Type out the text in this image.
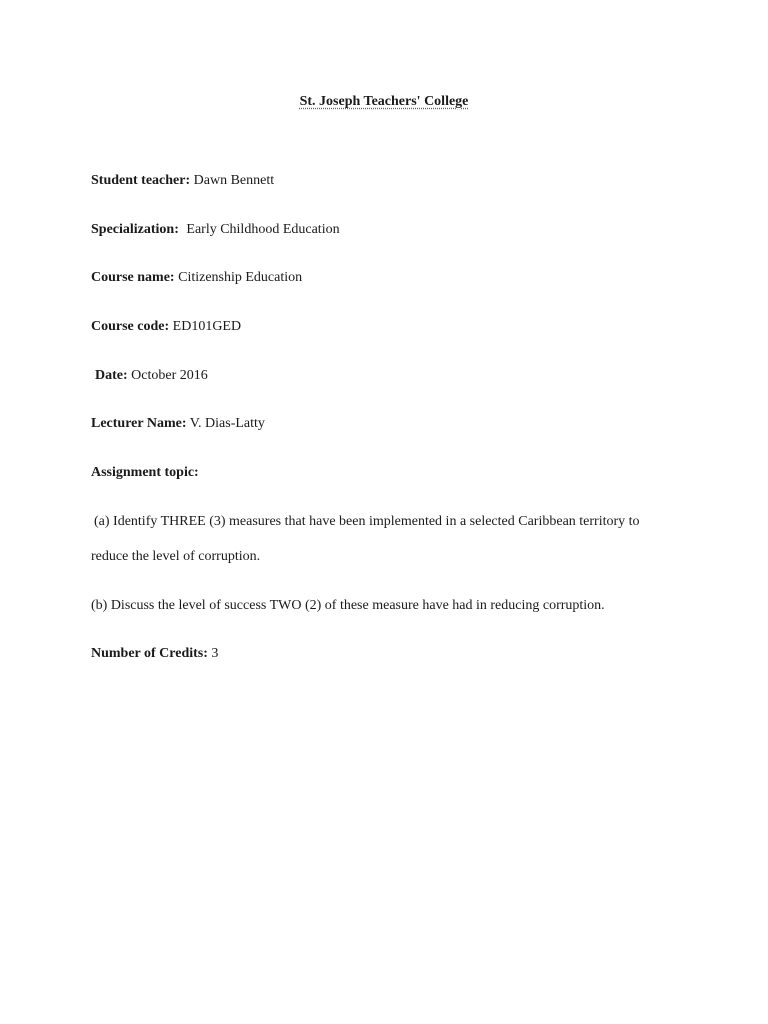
St. Joseph Teachers' College
Student teacher: Dawn Bennett
Specialization: Early Childhood Education
Course name: Citizenship Education
Course code: ED101GED
Date: October 2016
Lecturer Name: V. Dias-Latty
Assignment topic:
(a) Identify THREE (3) measures that have been implemented in a selected Caribbean territory to
reduce the level of corruption.
(b) Discuss the level of success TWO (2) of these measure have had in reducing corruption.
Number of Credits: 3
